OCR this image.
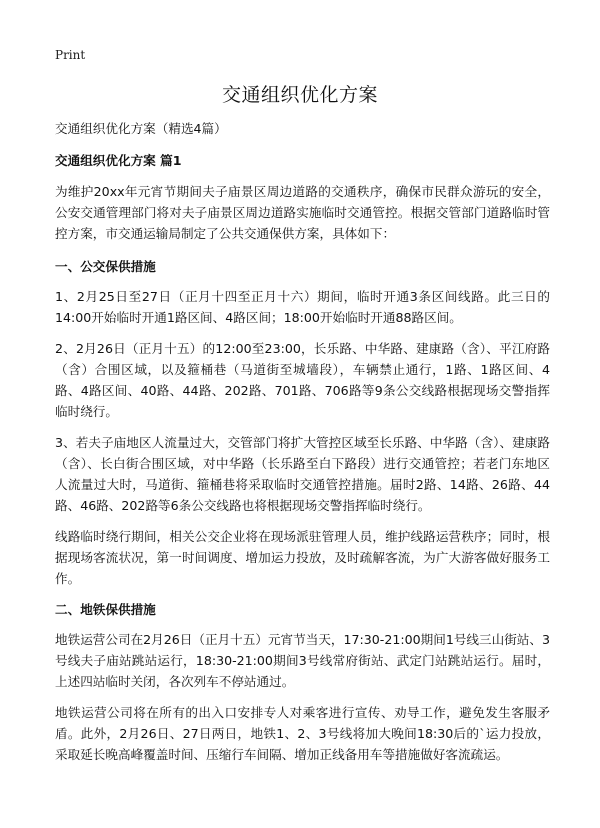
Print
交通组织优化方案

交通组织优化方案（精选4篇）

交通组织优化方案 篇1

为维护20xx年元宵节期间夫子庙景区周边道路的交通秩序，确保市民群众游玩的安全，公安交通管理部门将对夫子庙景区周边道路实施临时交通管控。根据交管部门道路临时管控方案，市交通运输局制定了公共交通保供方案，具体如下：

一、公交保供措施

1、2月25日至27日（正月十四至正月十六）期间，临时开通3条区间线路。此三日的14:00开始临时开通1路区间、4路区间；18:00开始临时开通88路区间。

2、2月26日（正月十五）的12:00至23:00，长乐路、中华路、建康路（含）、平江府路（含）合围区域，以及箍桶巷（马道街至城墙段），车辆禁止通行，1路、1路区间、4路、4路区间、40路、44路、202路、701路、706路等9条公交线路根据现场交警指挥临时绕行。

3、若夫子庙地区人流量过大，交管部门将扩大管控区域至长乐路、中华路（含）、建康路（含）、长白街合围区域，对中华路（长乐路至白下路段）进行交通管控；若老门东地区人流量过大时，马道街、箍桶巷将采取临时交通管控措施。届时2路、14路、26路、44路、46路、202路等6条公交线路也将根据现场交警指挥临时绕行。

线路临时绕行期间，相关公交企业将在现场派驻管理人员，维护线路运营秩序；同时，根据现场客流状况，第一时间调度、增加运力投放，及时疏解客流，为广大游客做好服务工作。

二、地铁保供措施

地铁运营公司在2月26日（正月十五）元宵节当天，17:30-21:00期间1号线三山街站、3号线夫子庙站跳站运行，18:30-21:00期间3号线常府街站、武定门站跳站运行。届时，上述四站临时关闭，各次列车不停站通过。

地铁运营公司将在所有的出入口安排专人对乘客进行宣传、劝导工作，避免发生客服矛盾。此外，2月26日、27日两日，地铁1、2、3号线将加大晚间18:30后的`运力投放，采取延长晚高峰覆盖时间、压缩行车间隔、增加正线备用车等措施做好客流疏运。
